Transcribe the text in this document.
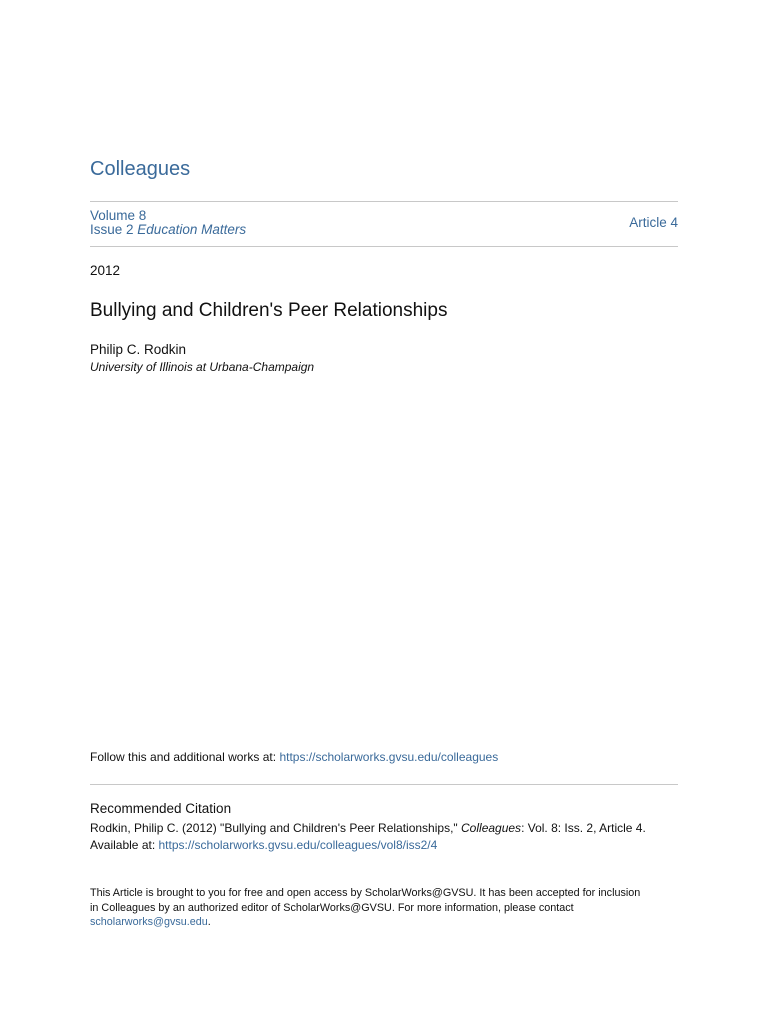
Colleagues
Volume 8
Issue 2 Education Matters	Article 4
2012
Bullying and Children's Peer Relationships
Philip C. Rodkin
University of Illinois at Urbana-Champaign
Follow this and additional works at: https://scholarworks.gvsu.edu/colleagues
Recommended Citation
Rodkin, Philip C. (2012) "Bullying and Children's Peer Relationships," Colleagues: Vol. 8: Iss. 2, Article 4.
Available at: https://scholarworks.gvsu.edu/colleagues/vol8/iss2/4
This Article is brought to you for free and open access by ScholarWorks@GVSU. It has been accepted for inclusion
in Colleagues by an authorized editor of ScholarWorks@GVSU. For more information, please contact
scholarworks@gvsu.edu.
